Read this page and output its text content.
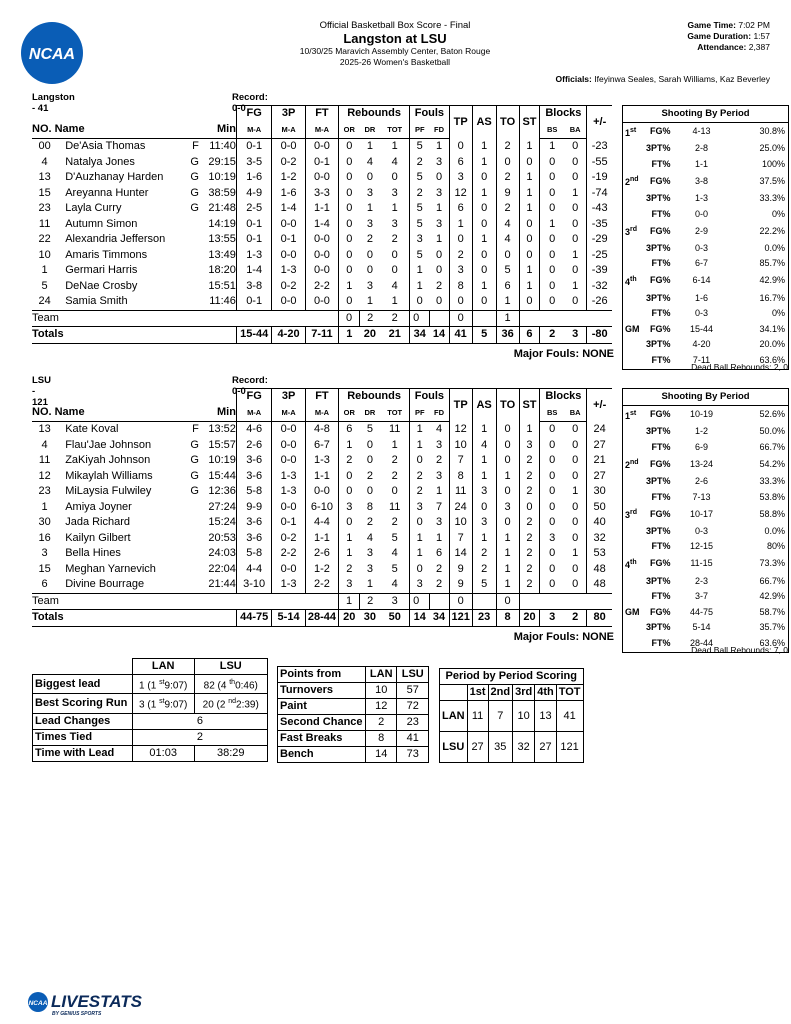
NCAA
Official Basketball Box Score - Final
Langston at LSU
10/30/25 Maravich Assembly Center, Baton Rouge
2025-26 Women's Basketball
Game Time: 7:02 PM
Game Duration: 1:57
Attendance: 2,387
Officials: Ifeyinwa Seales, Sarah Williams, Kaz Beverley
Langston - 41
Record: 0-0
				FG	3P	FT	Rebounds			Fouls		TP	AS	TO	ST	Blocks		+/-
NO. Name			Min	M-A	M-A	M-A	OR	DR	TOT	PF	FD					BS	BA	
00	De'Asia Thomas	F	11:40	0-1	0-0	0-0	0	1	1	5	1	0	1	2	1	1	0	-23
4	Natalya Jones	G	29:15	3-5	0-2	0-1	0	4	4	2	3	6	1	0	0	0	0	-55
13	D'Auzhanay Harden	G	10:19	1-6	1-2	0-0	0	0	0	5	0	3	0	2	1	0	0	-19
15	Areyanna Hunter	G	38:59	4-9	1-6	3-3	0	3	3	2	3	12	1	9	1	0	1	-74
23	Layla Curry	G	21:48	2-5	1-4	1-1	0	1	1	5	1	6	0	2	1	0	0	-43
11	Autumn Simon		14:19	0-1	0-0	1-4	0	3	3	5	3	1	0	4	0	1	0	-35
22	Alexandria Jefferson		13:55	0-1	0-1	0-0	0	2	2	3	1	0	1	4	0	0	0	-29
10	Amaris Timmons		13:49	1-3	0-0	0-0	0	0	0	5	0	2	0	0	0	0	1	-25
1	Germari Harris		18:20	1-4	1-3	0-0	0	0	0	1	0	3	0	5	1	0	0	-39
5	DeNae Crosby		15:51	3-8	0-2	2-2	1	3	4	1	2	8	1	6	1	0	1	-32
24	Samia Smith		11:46	0-1	0-0	0-0	0	1	1	0	0	0	0	1	0	0	0	-26
Team							0	2	2	0		0		1				
Totals				15-44	4-20	7-11	1	20	21	34	14	41	5	36	6	2	3	-80
Major Fouls: NONE
Shooting By Period			
1st	FG%	4-13	30.8%
	3PT%	2-8	25.0%
	FT%	1-1	100%
2nd	FG%	3-8	37.5%
	3PT%	1-3	33.3%
	FT%	0-0	0%
3rd	FG%	2-9	22.2%
	3PT%	0-3	0.0%
	FT%	6-7	85.7%
4th	FG%	6-14	42.9%
	3PT%	1-6	16.7%
	FT%	0-3	0%
GM	FG%	15-44	34.1%
	3PT%	4-20	20.0%
	FT%	7-11	63.6%
Dead Ball Rebounds: 2, 0
LSU - 121
Record: 0-0
				FG	3P	FT	Rebounds			Fouls		TP	AS	TO	ST	Blocks		+/-
NO. Name			Min	M-A	M-A	M-A	OR	DR	TOT	PF	FD					BS	BA	
13	Kate Koval	F	13:52	4-6	0-0	4-8	6	5	11	1	4	12	1	0	1	0	0	24
4	Flau'Jae Johnson	G	15:57	2-6	0-0	6-7	1	0	1	1	3	10	4	0	3	0	0	27
11	ZaKiyah Johnson	G	10:19	3-6	0-0	1-3	2	0	2	0	2	7	1	0	2	0	0	21
12	Mikaylah Williams	G	15:44	3-6	1-3	1-1	0	2	2	2	3	8	1	1	2	0	0	27
23	MiLaysia Fulwiley	G	12:36	5-8	1-3	0-0	0	0	0	2	1	11	3	0	2	0	1	30
1	Amiya Joyner		27:24	9-9	0-0	6-10	3	8	11	3	7	24	0	3	0	0	0	50
30	Jada Richard		15:24	3-6	0-1	4-4	0	2	2	0	3	10	3	0	2	0	0	40
16	Kailyn Gilbert		20:53	3-6	0-2	1-1	1	4	5	1	1	7	1	1	2	3	0	32
3	Bella Hines		24:03	5-8	2-2	2-6	1	3	4	1	6	14	2	1	2	0	1	53
15	Meghan Yarnevich		22:04	4-4	0-0	1-2	2	3	5	0	2	9	2	1	2	0	0	48
6	Divine Bourrage		21:44	3-10	1-3	2-2	3	1	4	3	2	9	5	1	2	0	0	48
Team							1	2	3	0		0		0				
Totals				44-75	5-14	28-44	20	30	50	14	34	121	23	8	20	3	2	80
Major Fouls: NONE
Shooting By Period			
1st	FG%	10-19	52.6%
	3PT%	1-2	50.0%
	FT%	6-9	66.7%
2nd	FG%	13-24	54.2%
	3PT%	2-6	33.3%
	FT%	7-13	53.8%
3rd	FG%	10-17	58.8%
	3PT%	0-3	0.0%
	FT%	12-15	80%
4th	FG%	11-15	73.3%
	3PT%	2-3	66.7%
	FT%	3-7	42.9%
GM	FG%	44-75	58.7%
	3PT%	5-14	35.7%
	FT%	28-44	63.6%
Dead Ball Rebounds: 7, 0
	LAN	LSU
Biggest lead	1 (1 $^{st}$9:07)	82 (4 $^{th}$0:46)
Best Scoring Run	3 (1 $^{st}$9:07)	20 (2 $^{nd}$2:39)
Lead Changes	6	
Times Tied	2	
Time with Lead	01:03	38:29
Points from	LAN	LSU
Turnovers	10	57
Paint	12	72
Second Chance	2	23
Fast Breaks	8	41
Bench	14	73
Period by Period Scoring					
	1st	2nd	3rd	4th	TOT
LAN	11	7	10	13	41
LSU	27	35	32	27	121
NCAA LIVESTATS
BY GENIUS SPORTS
